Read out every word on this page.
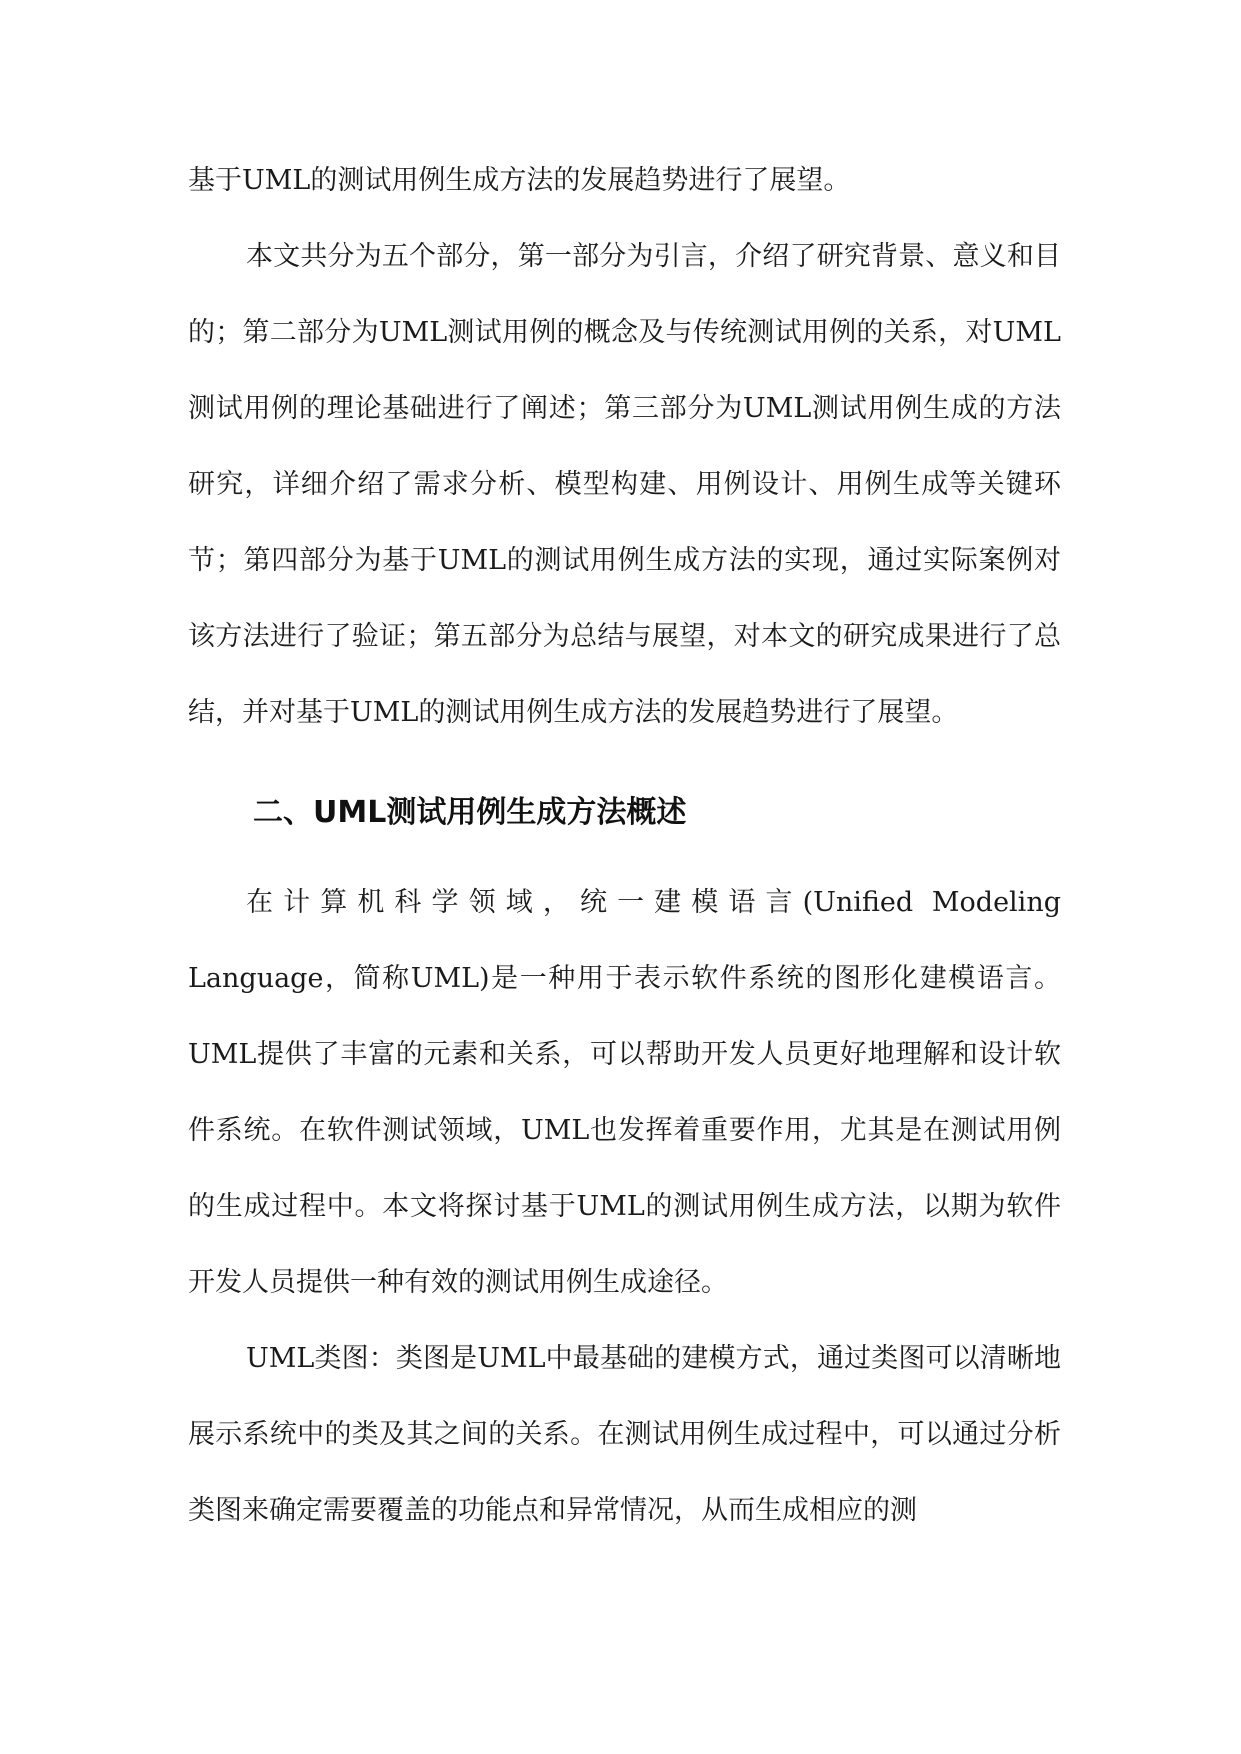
基于UML的测试用例生成方法的发展趋势进行了展望。

本文共分为五个部分，第一部分为引言，介绍了研究背景、意义和目的；第二部分为UML测试用例的概念及与传统测试用例的关系，对UML测试用例的理论基础进行了阐述；第三部分为UML测试用例生成的方法研究，详细介绍了需求分析、模型构建、用例设计、用例生成等关键环节；第四部分为基于UML的测试用例生成方法的实现，通过实际案例对该方法进行了验证；第五部分为总结与展望，对本文的研究成果进行了总结，并对基于UML的测试用例生成方法的发展趋势进行了展望。

二、UML测试用例生成方法概述

在计算机科学领域，统一建模语言(Unified Modeling Language，简称UML)是一种用于表示软件系统的图形化建模语言。UML提供了丰富的元素和关系，可以帮助开发人员更好地理解和设计软件系统。在软件测试领域，UML也发挥着重要作用，尤其是在测试用例的生成过程中。本文将探讨基于UML的测试用例生成方法，以期为软件开发人员提供一种有效的测试用例生成途径。

UML类图：类图是UML中最基础的建模方式，通过类图可以清晰地展示系统中的类及其之间的关系。在测试用例生成过程中，可以通过分析类图来确定需要覆盖的功能点和异常情况，从而生成相应的测
